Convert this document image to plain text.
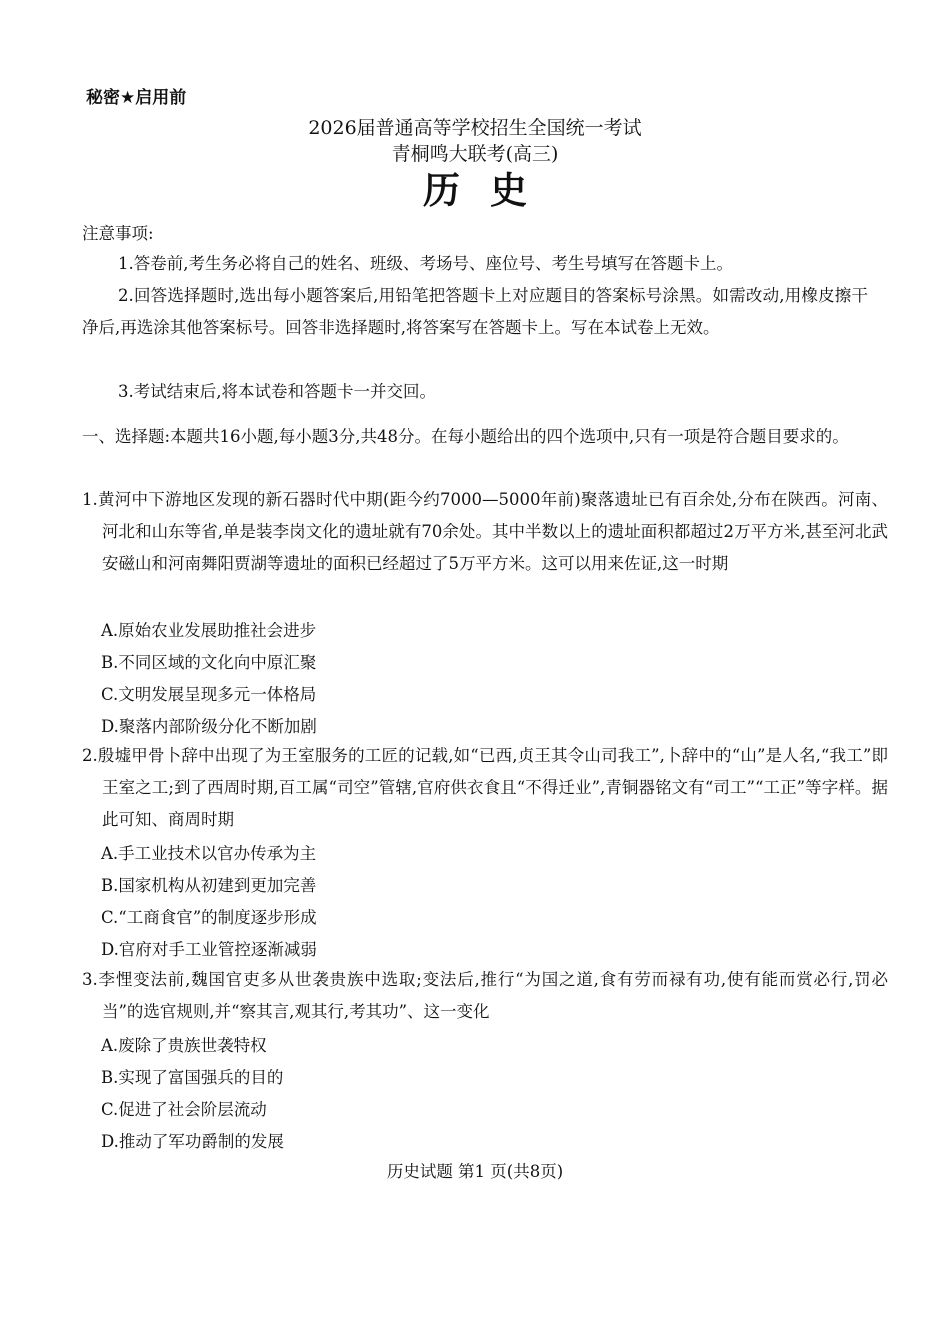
秘密★启用前
2026届普通高等学校招生全国统一考试
青桐鸣大联考(高三)
历史
注意事项:
1.答卷前,考生务必将自己的姓名、班级、考场号、座位号、考生号填写在答题卡上。
2.回答选择题时,选出每小题答案后,用铅笔把答题卡上对应题目的答案标号涂黑。如需改动,用橡皮擦干净后,再选涂其他答案标号。回答非选择题时,将答案写在答题卡上。写在本试卷上无效。
3.考试结束后,将本试卷和答题卡一并交回。
一、选择题:本题共16小题,每小题3分,共48分。在每小题给出的四个选项中,只有一项是符合题目要求的。
1.黄河中下游地区发现的新石器时代中期(距今约7000—5000年前)聚落遗址已有百余处,分布在陕西。河南、河北和山东等省,单是装李岗文化的遗址就有70余处。其中半数以上的遗址面积都超过2万平方米,甚至河北武安磁山和河南舞阳贾湖等遗址的面积已经超过了5万平方米。这可以用来佐证,这一时期
A.原始农业发展助推社会进步
B.不同区域的文化向中原汇聚
C.文明发展呈现多元一体格局
D.聚落内部阶级分化不断加剧
2.殷墟甲骨卜辞中出现了为王室服务的工匠的记载,如“已西,贞王其令山司我工”,卜辞中的“山”是人名,“我工”即王室之工;到了西周时期,百工属“司空”管辖,官府供衣食且“不得迁业”,青铜器铭文有“司工”“工正”等字样。据此可知、商周时期
A.手工业技术以官办传承为主
B.国家机构从初建到更加完善
C.“工商食官”的制度逐步形成
D.官府对手工业管控逐渐减弱
3.李悝变法前,魏国官吏多从世袭贵族中选取;变法后,推行“为国之道,食有劳而禄有功,使有能而赏必行,罚必当”的选官规则,并“察其言,观其行,考其功”、这一变化
A.废除了贵族世袭特权
B.实现了富国强兵的目的
C.促进了社会阶层流动
D.推动了军功爵制的发展
历史试题 第1 页(共8页)
